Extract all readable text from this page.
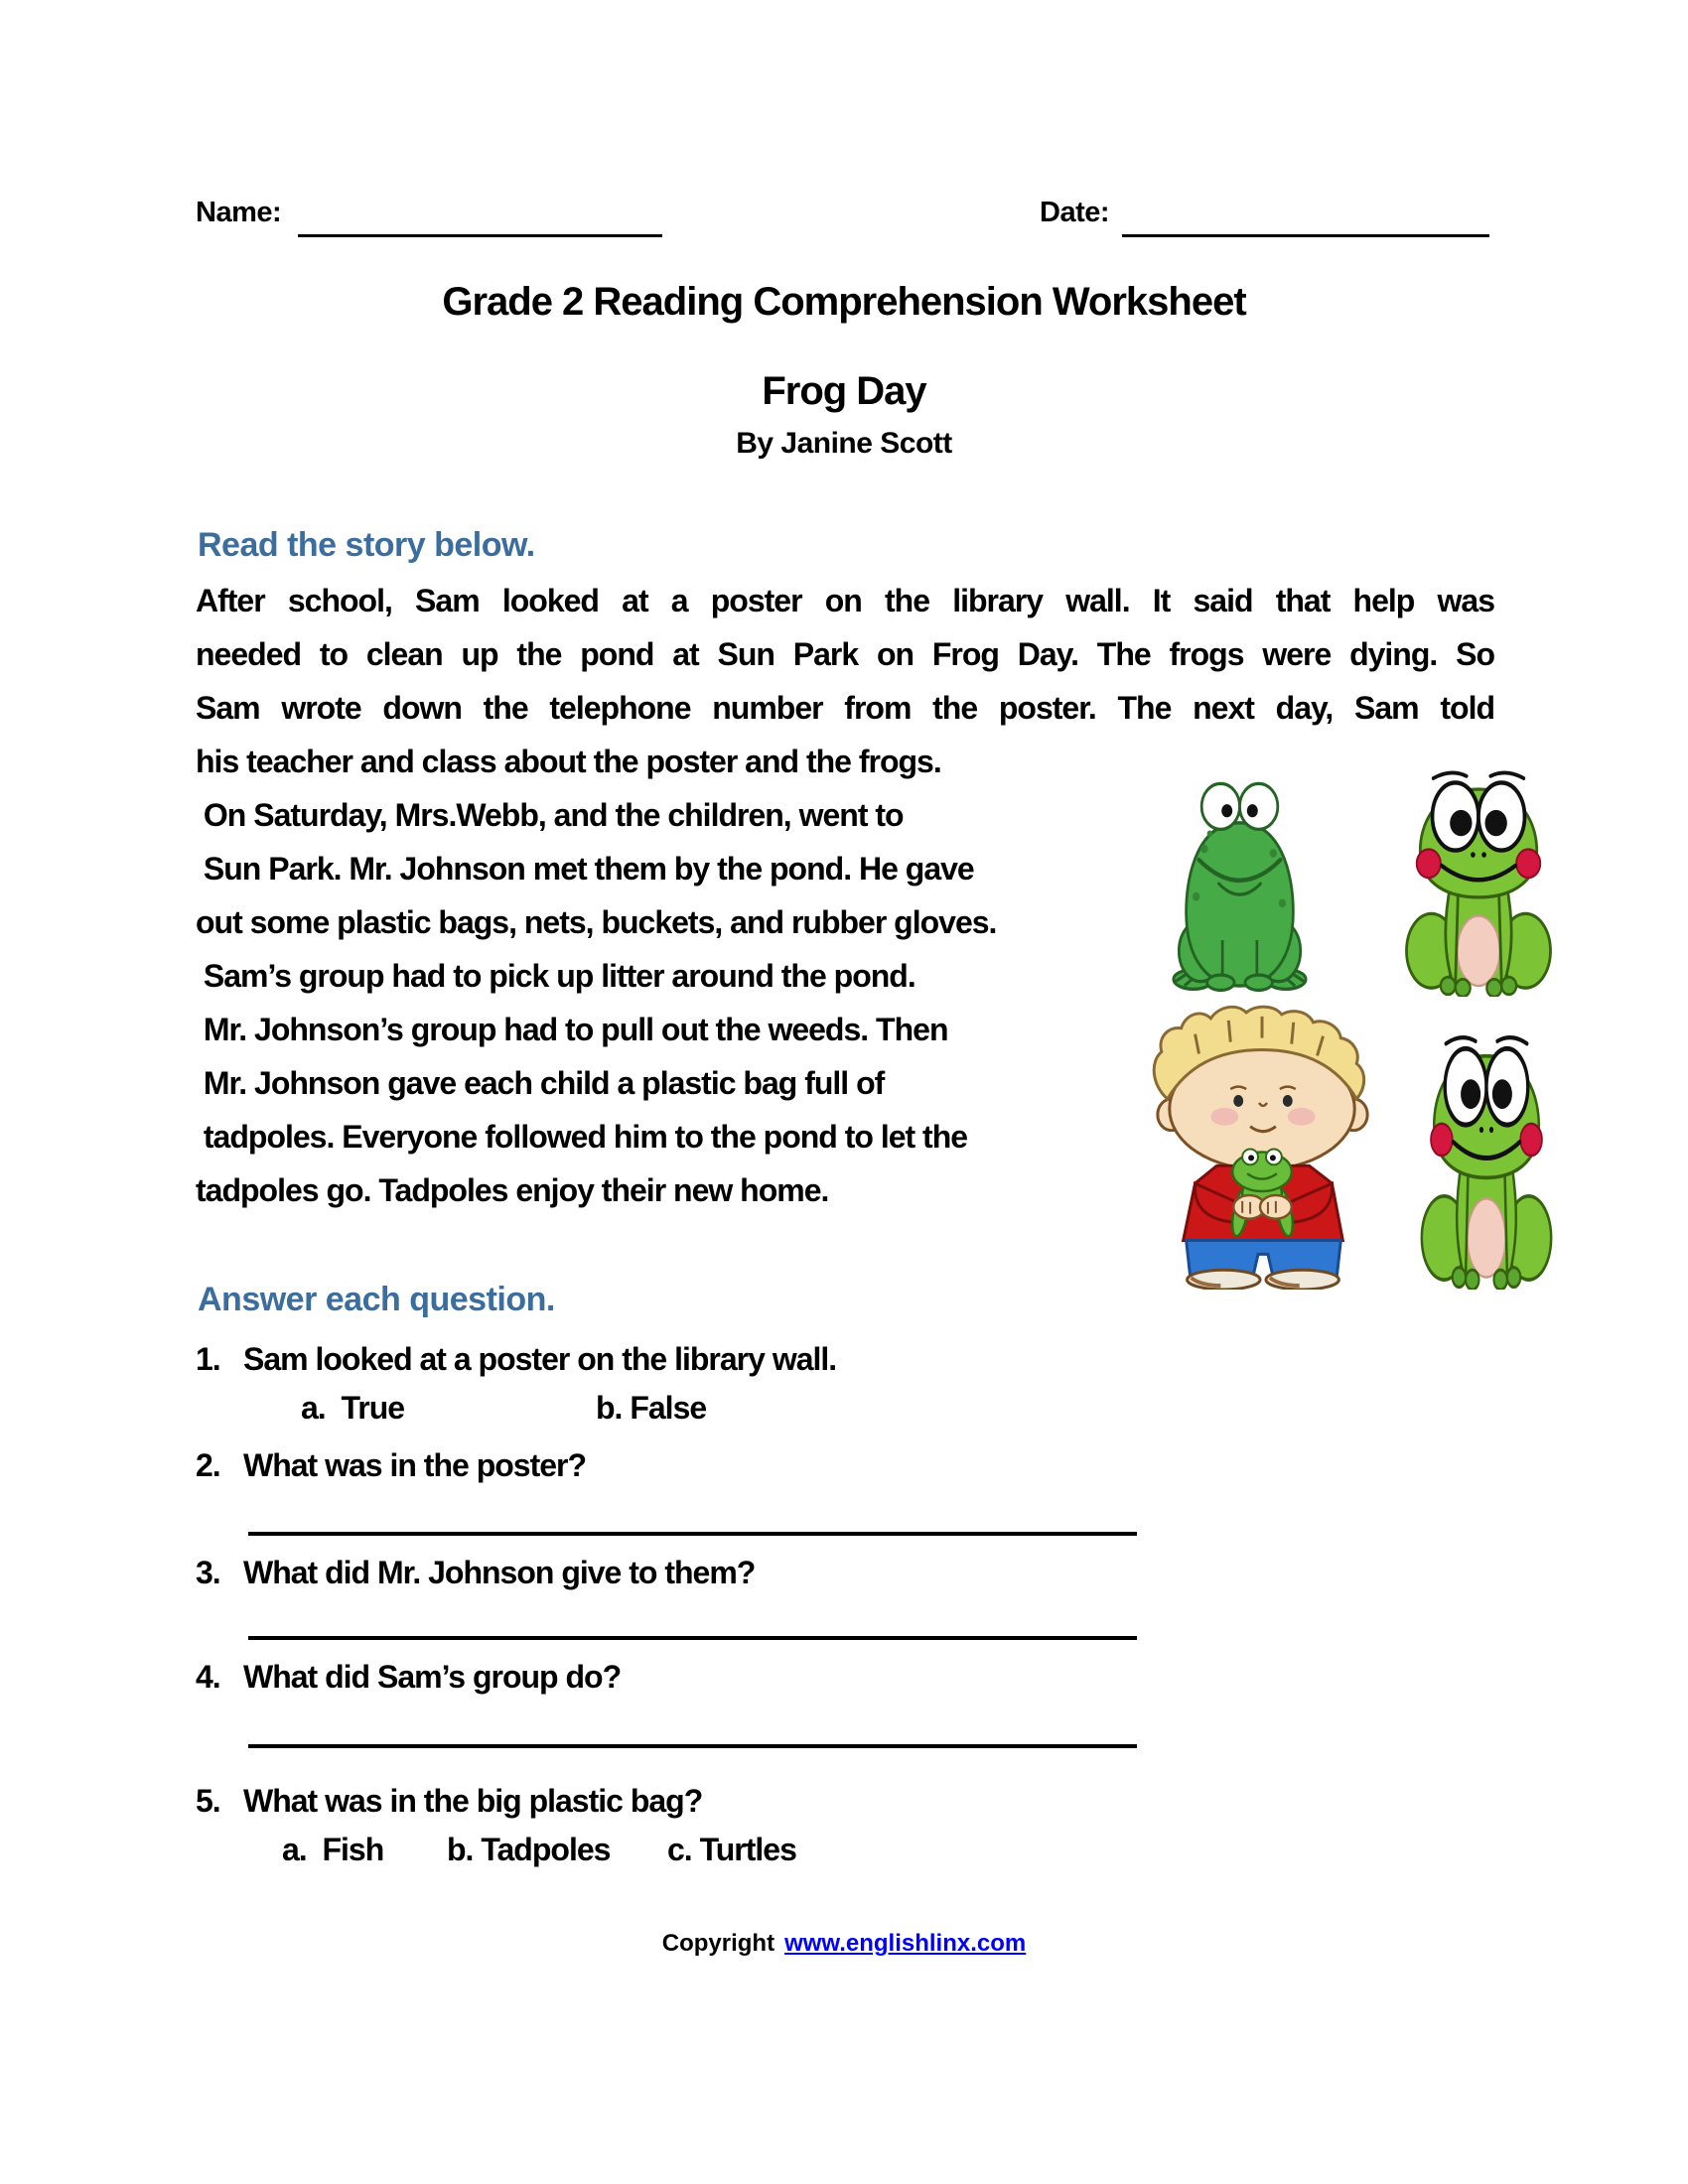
Name:	Date:
Grade 2 Reading Comprehension Worksheet
Frog Day
By Janine Scott
Read the story below.
After school, Sam looked at a poster on the library wall. It said that help was
needed to clean up the pond at Sun Park on Frog Day. The frogs were dying. So
Sam wrote down the telephone number from the poster. The next day, Sam told
his teacher and class about the poster and the frogs.
On Saturday, Mrs.Webb, and the children, went to
Sun Park. Mr. Johnson met them by the pond. He gave
out some plastic bags, nets, buckets, and rubber gloves.
Sam’s group had to pick up litter around the pond.
Mr. Johnson’s group had to pull out the weeds. Then
Mr. Johnson gave each child a plastic bag full of
tadpoles. Everyone followed him to the pond to let the
tadpoles go. Tadpoles enjoy their new home.
Answer each question.
1. Sam looked at a poster on the library wall.
a.  True	b. False
2. What was in the poster?
3. What did Mr. Johnson give to them?
4. What did Sam’s group do?
5. What was in the big plastic bag?
a.  Fish b. Tadpoles c. Turtles
Copyright www.englishlinx.com
